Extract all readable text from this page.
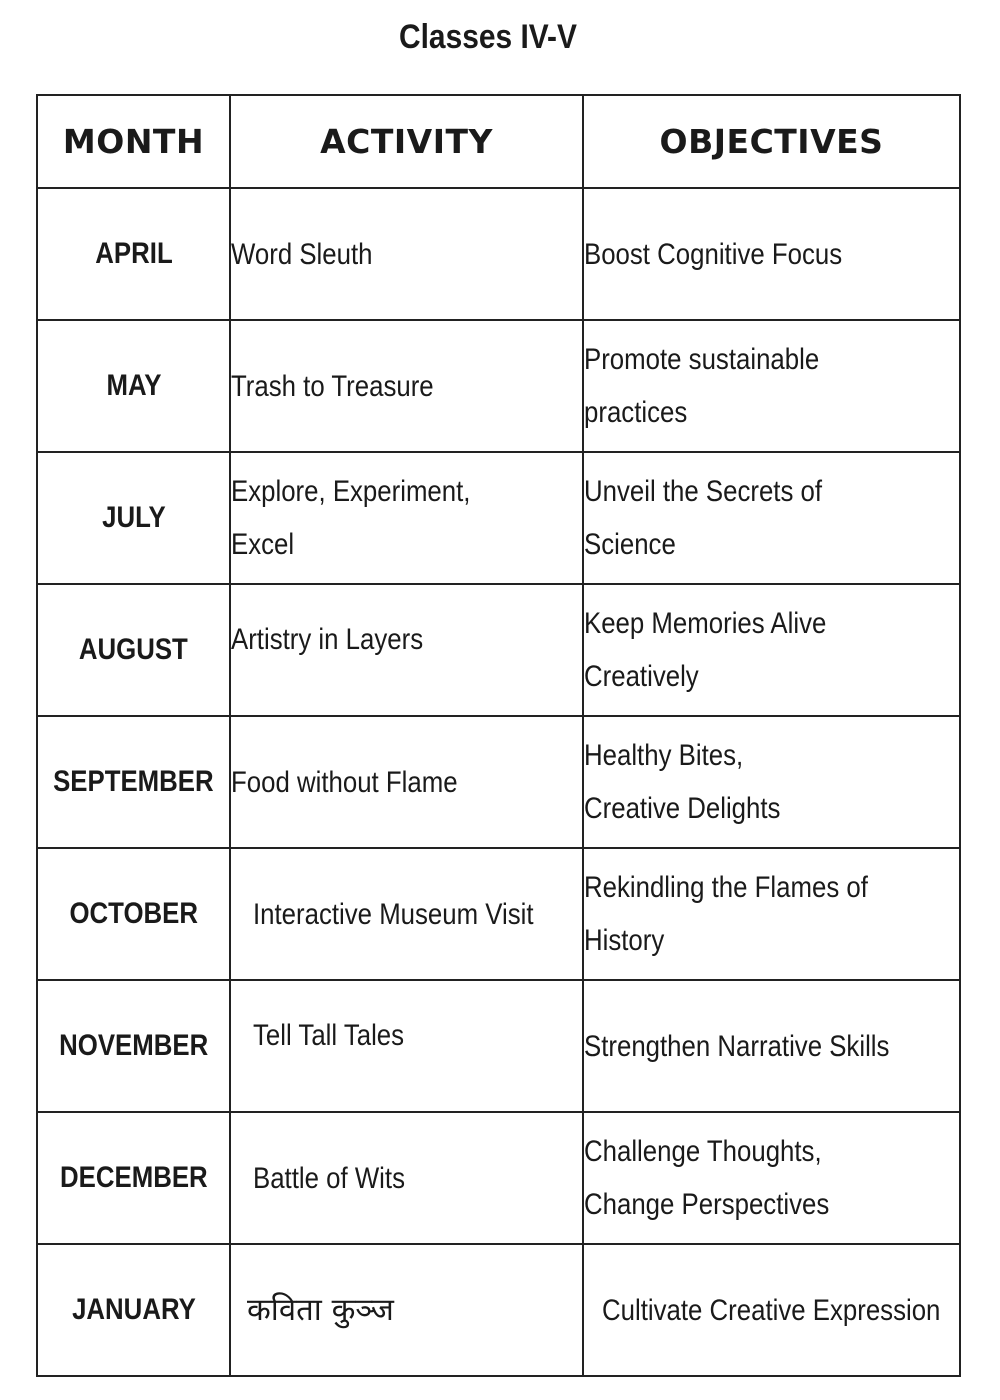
Classes IV-V
MONTH	ACTIVITY	OBJECTIVES
APRIL	Word Sleuth	Boost Cognitive Focus
MAY	Trash to Treasure	Promote sustainable practices
JULY	Explore, Experiment, Excel	Unveil the Secrets of Science
AUGUST	Artistry in Layers	Keep Memories Alive Creatively
SEPTEMBER	Food without Flame	Healthy Bites, Creative Delights
OCTOBER	Interactive Museum Visit	Rekindling the Flames of History
NOVEMBER	Tell Tall Tales	Strengthen Narrative Skills
DECEMBER	Battle of Wits	Challenge Thoughts, Change Perspectives
JANUARY	कविता कुञ्ज	Cultivate Creative Expression
